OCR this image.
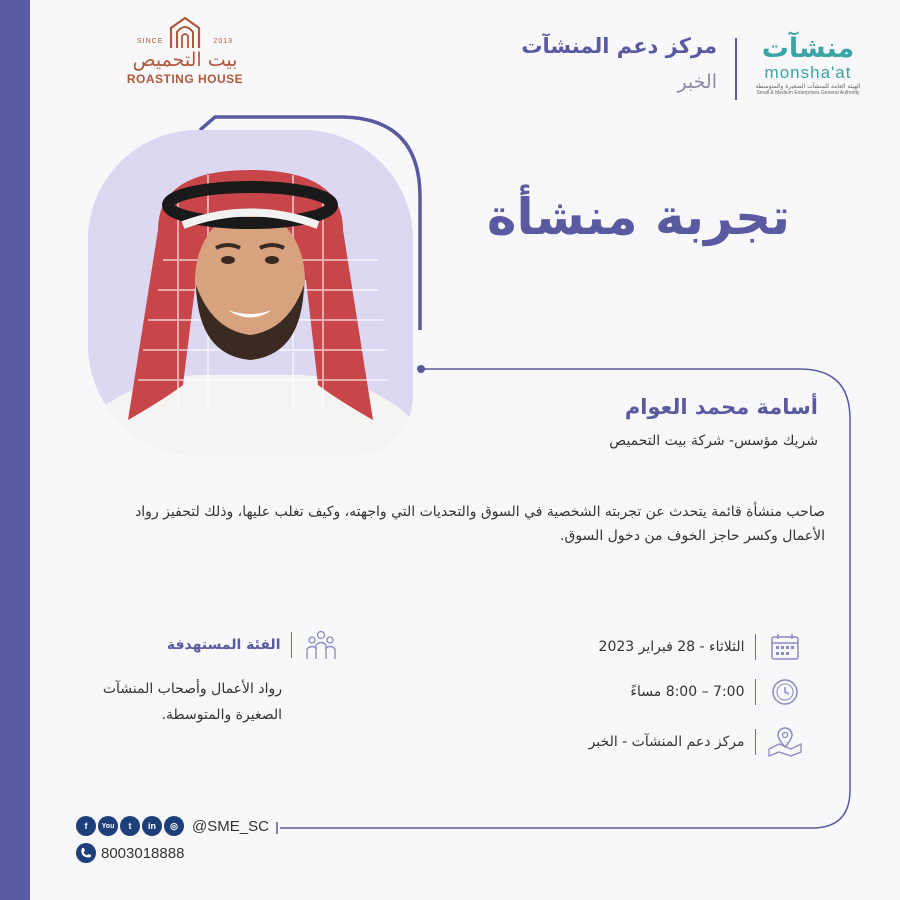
SINCE	2013
بيت التحميص
ROASTING HOUSE
مركز دعم المنشآت
الخبر
منشآت
monsha'at
الهيئة العامة للمنشآت الصغيرة والمتوسطة
Small & Medium Enterprises General Authority
تجربة منشأة
أسامة محمد العوام
شريك مؤسس- شركة بيت التحميص
صاحب منشأة قائمة يتحدث عن تجربته الشخصية في السوق والتحديات التي واجهته، وكيف تغلب عليها، وذلك لتحفيز رواد الأعمال وكسر حاجز الخوف من دخول السوق.
الثلاثاء - 28 فبراير 2023
7:00 – 8:00 مساءً
مركز دعم المنشآت - الخبر
الفئة المستهدفة
رواد الأعمال وأصحاب المنشآت الصغيرة والمتوسطة.
f	You	t	in	◎ @SME_SC
8003018888
